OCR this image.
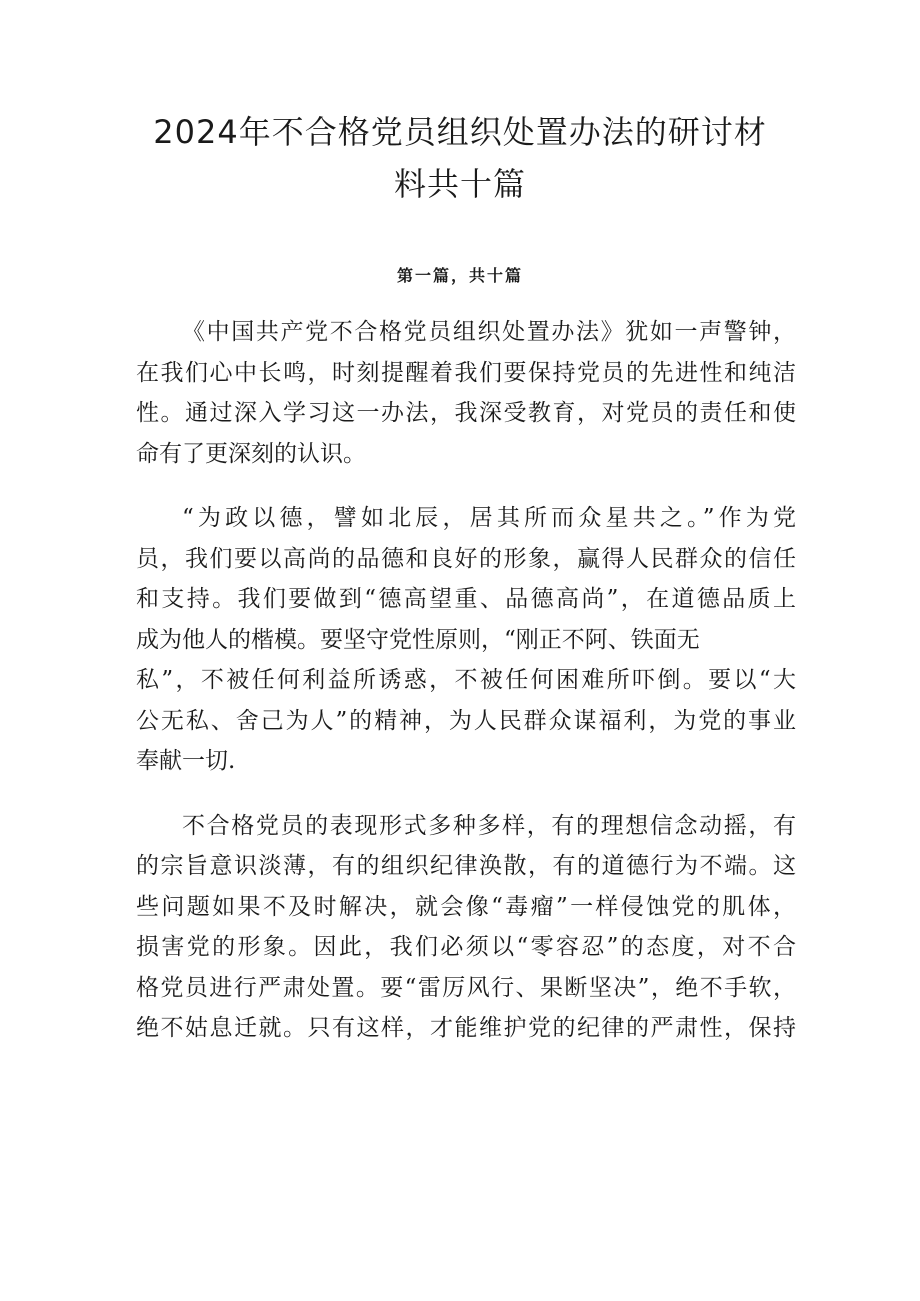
2024年不合格党员组织处置办法的研讨材
料共十篇
第一篇，共十篇

《中国共产党不合格党员组织处置办法》犹如一声警钟，
在我们心中长鸣，时刻提醒着我们要保持党员的先进性和纯洁
性。通过深入学习这一办法，我深受教育，对党员的责任和使
命有了更深刻的认识。

“为政以德，譬如北辰，居其所而众星共之。”作为党
员，我们要以高尚的品德和良好的形象，赢得人民群众的信任
和支持。我们要做到“德高望重、品德高尚”，在道德品质上
成为他人的楷模。要坚守党性原则，“刚正不阿、铁面无
私”，不被任何利益所诱惑，不被任何困难所吓倒。要以“大
公无私、舍己为人”的精神，为人民群众谋福利，为党的事业
奉献一切.

不合格党员的表现形式多种多样，有的理想信念动摇，有
的宗旨意识淡薄，有的组织纪律涣散，有的道德行为不端。这
些问题如果不及时解决，就会像“毒瘤”一样侵蚀党的肌体，
损害党的形象。因此，我们必须以“零容忍”的态度，对不合
格党员进行严肃处置。要“雷厉风行、果断坚决”，绝不手软，
绝不姑息迁就。只有这样，才能维护党的纪律的严肃性，保持
